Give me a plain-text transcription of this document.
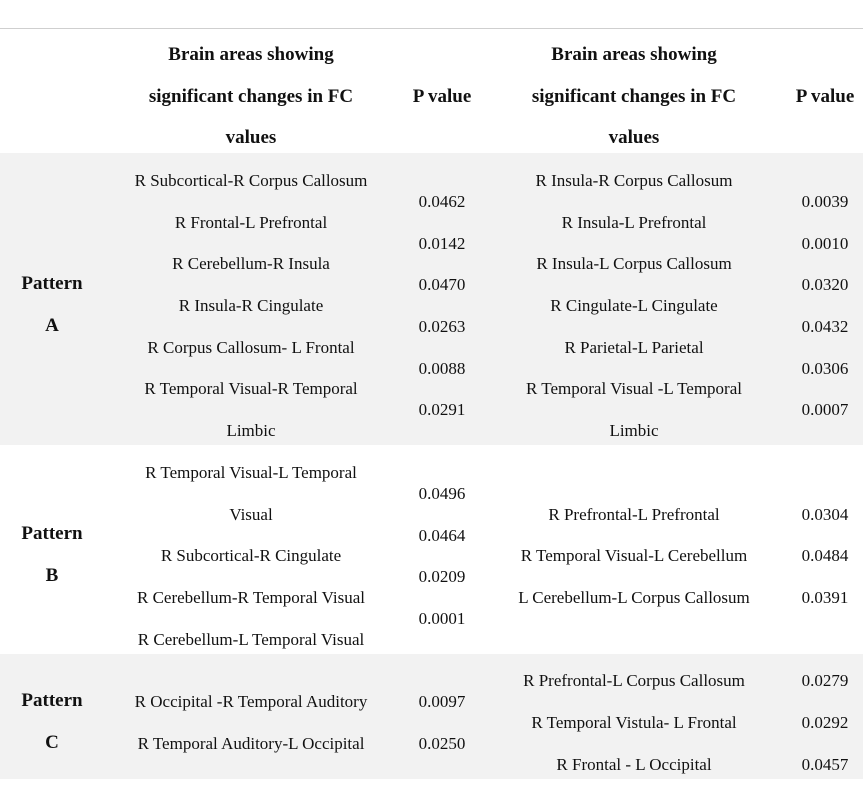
Brain areas showing
significant changes in FC
values
P value
Brain areas showing
significant changes in FC
values
P value
Pattern
A
R Subcortical-R Corpus Callosum
R Frontal-L Prefrontal
R Cerebellum-R Insula
R Insula-R Cingulate
R Corpus Callosum- L Frontal
R Temporal Visual-R Temporal
Limbic
0.0462
0.0142
0.0470
0.0263
0.0088
0.0291
R Insula-R Corpus Callosum
R Insula-L Prefrontal
R Insula-L Corpus Callosum
R Cingulate-L Cingulate
R Parietal-L Parietal
R Temporal Visual -L Temporal
Limbic
0.0039
0.0010
0.0320
0.0432
0.0306
0.0007
Pattern
B
R Temporal Visual-L Temporal
Visual
R Subcortical-R Cingulate
R Cerebellum-R Temporal Visual
R Cerebellum-L Temporal Visual
0.0496
0.0464
0.0209
0.0001
R Prefrontal-L Prefrontal
R Temporal Visual-L Cerebellum
L Cerebellum-L Corpus Callosum
0.0304
0.0484
0.0391
Pattern
C
R Occipital -R Temporal Auditory
R Temporal Auditory-L Occipital
0.0097
0.0250
R Prefrontal-L Corpus Callosum
R Temporal Vistula- L Frontal
R Frontal - L Occipital
0.0279
0.0292
0.0457
